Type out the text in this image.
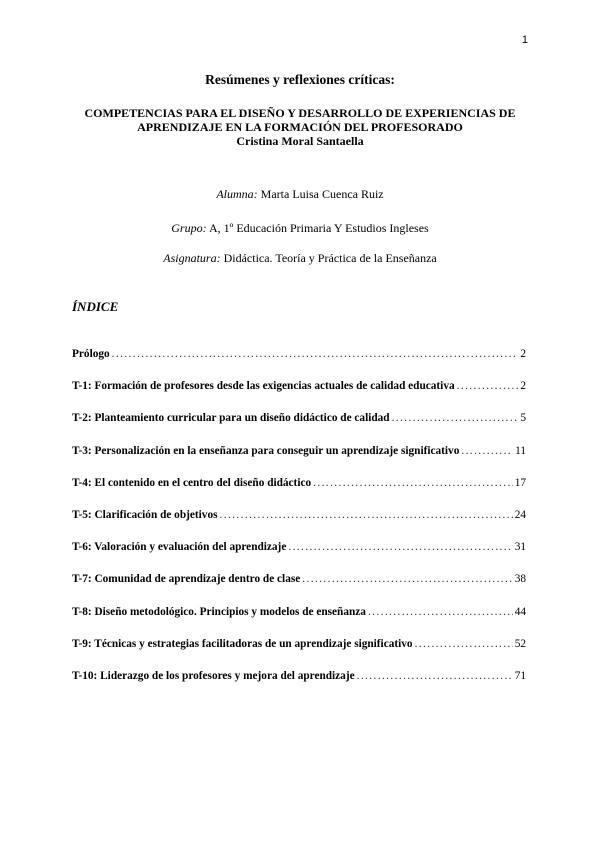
1
Resúmenes y reflexiones críticas:
COMPETENCIAS PARA EL DISEÑO Y DESARROLLO DE EXPERIENCIAS DE
APRENDIZAJE EN LA FORMACIÓN DEL PROFESORADO
Cristina Moral Santaella
Alumna: Marta Luisa Cuenca Ruiz
Grupo: A, 1º Educación Primaria Y Estudios Ingleses
Asignatura: Didáctica. Teoría y Práctica de la Enseñanza
ÍNDICE
Prólogo .....	2
T-1: Formación de profesores desde las exigencias actuales de calidad educativa .....	2
T-2: Planteamiento curricular para un diseño didáctico de calidad .....	5
T-3: Personalización en la enseñanza para conseguir un aprendizaje significativo .....	11
T-4: El contenido en el centro del diseño didáctico .....	17
T-5: Clarificación de objetivos .....	24
T-6: Valoración y evaluación del aprendizaje .....	31
T-7: Comunidad de aprendizaje dentro de clase .....	38
T-8: Diseño metodológico. Principios y modelos de enseñanza .....	44
T-9: Técnicas y estrategias facilitadoras de un aprendizaje significativo .....	52
T-10: Liderazgo de los profesores y mejora del aprendizaje .....	71
